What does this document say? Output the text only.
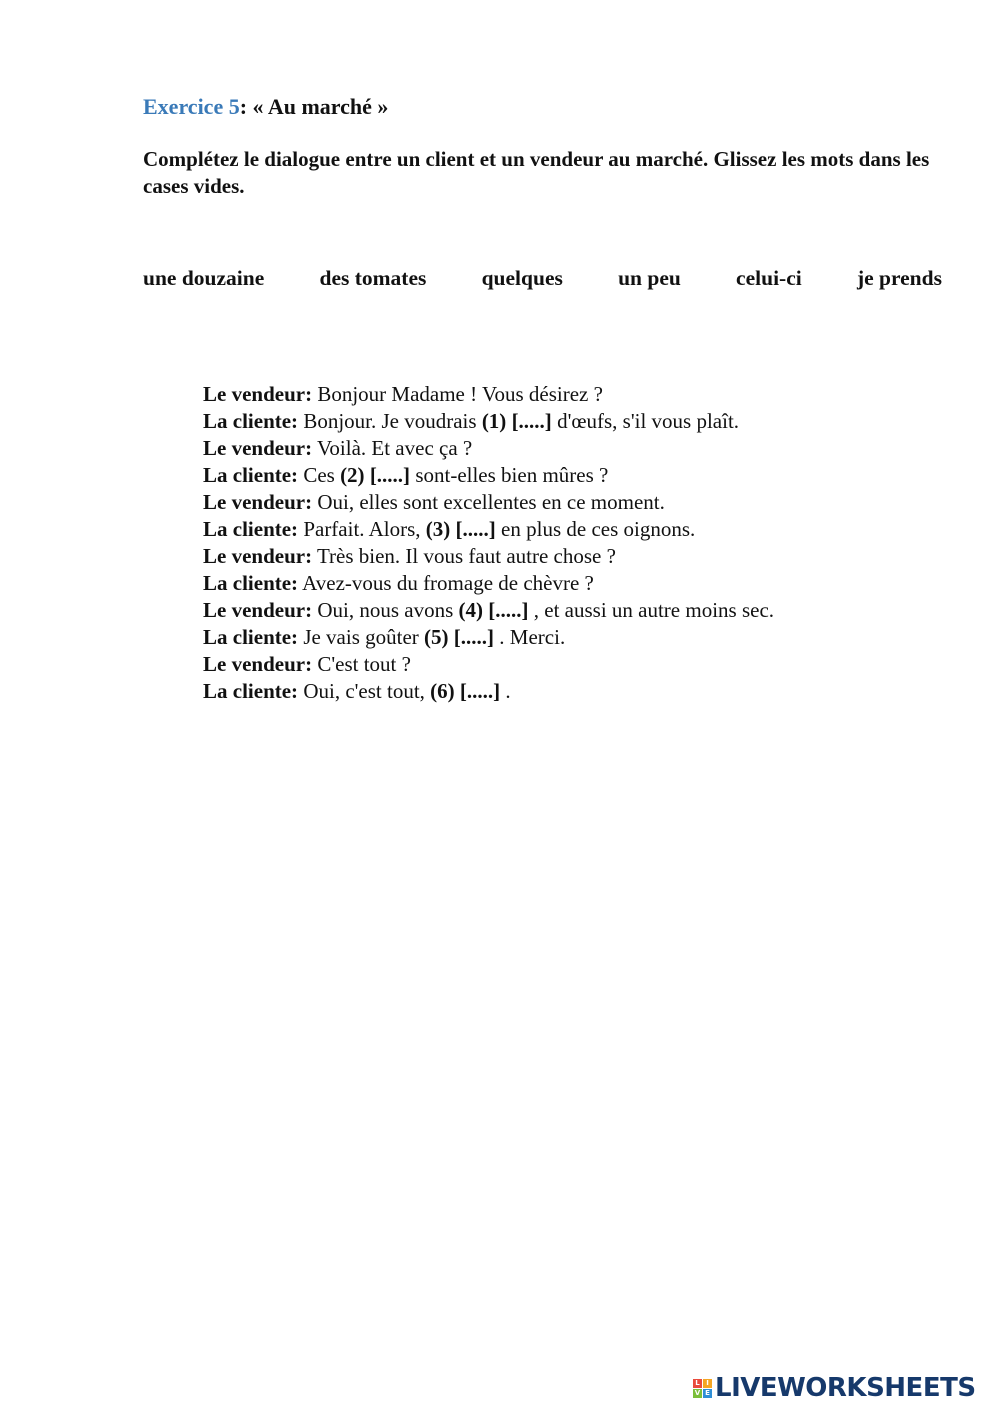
Exercice 5: « Au marché »
Complétez le dialogue entre un client et un vendeur au marché. Glissez les mots dans les cases vides.
une douzaine	des tomates	quelques	un peu	celui-ci	je prends
Le vendeur: Bonjour Madame ! Vous désirez ?
La cliente: Bonjour. Je voudrais (1) [.....] d'œufs, s'il vous plaît.
Le vendeur: Voilà. Et avec ça ?
La cliente: Ces (2) [.....] sont-elles bien mûres ?
Le vendeur: Oui, elles sont excellentes en ce moment.
La cliente: Parfait. Alors, (3) [.....] en plus de ces oignons.
Le vendeur: Très bien. Il vous faut autre chose ?
La cliente: Avez-vous du fromage de chèvre ?
Le vendeur: Oui, nous avons (4) [.....] , et aussi un autre moins sec.
La cliente: Je vais goûter (5) [.....] . Merci.
Le vendeur: C'est tout ?
La cliente: Oui, c'est tout, (6) [.....] .
L I
V E LIVEWORKSHEETS
